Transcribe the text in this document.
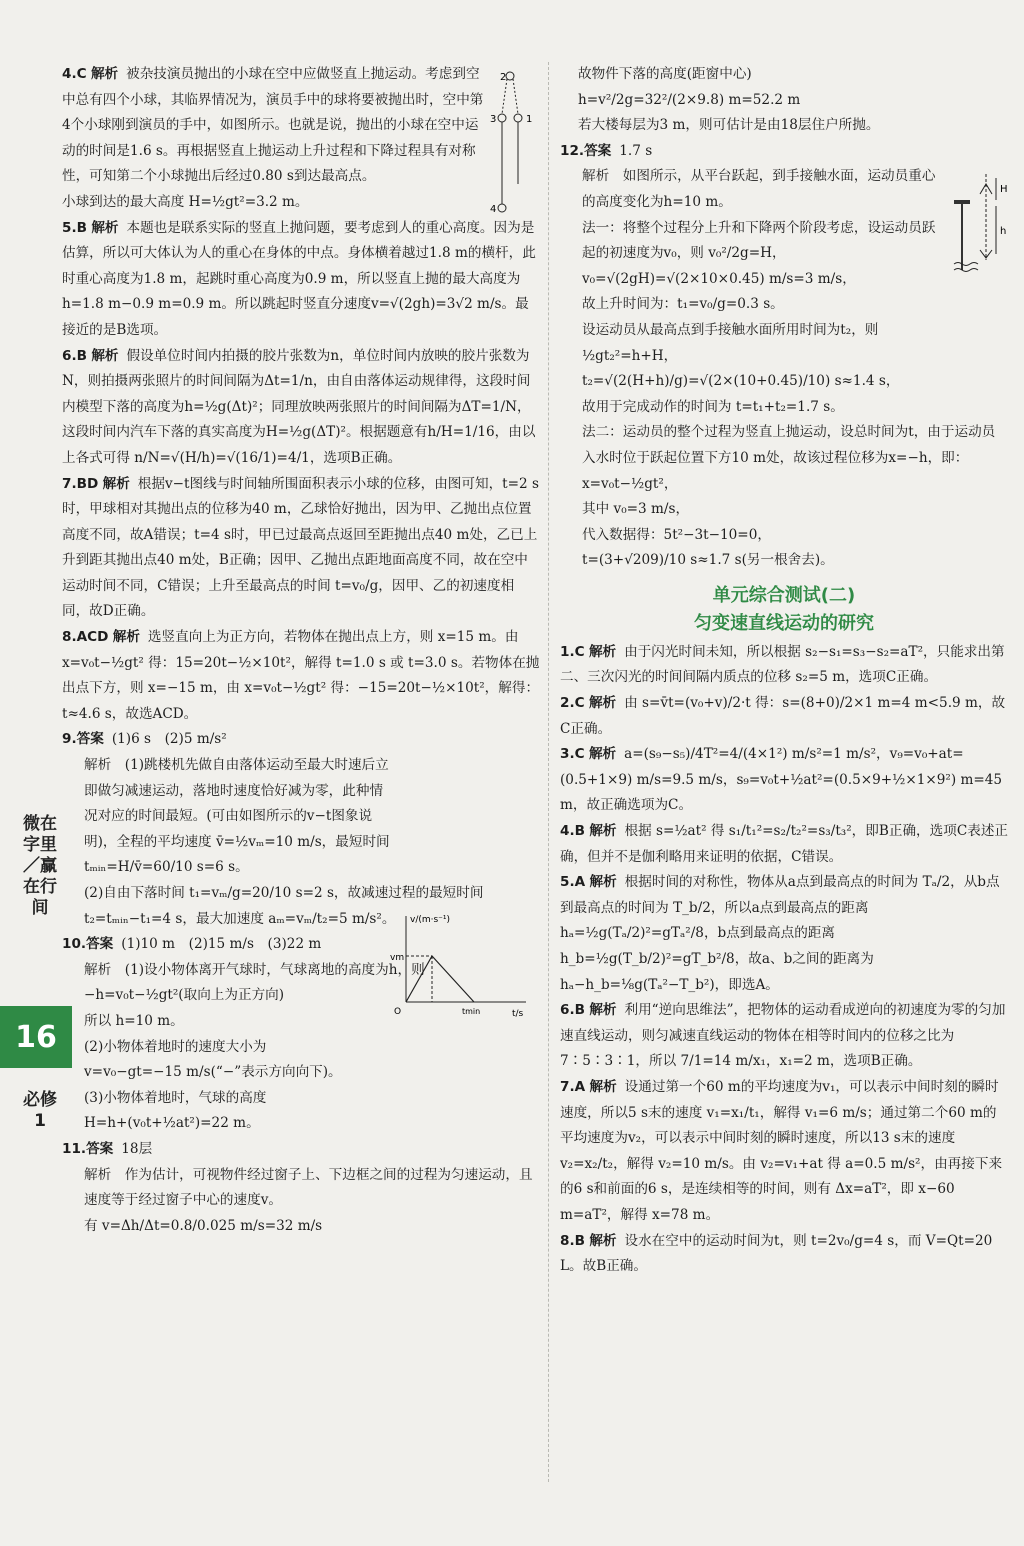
微在字里／赢在行间
16
必修1

4.C 解析 被杂技演员抛出的小球在空中应做竖直上抛运动。考虑到空中总有四个小球，其临界情况为，演员手中的球将要被抛出时，空中第4个小球刚到演员的手中，如图所示。也就是说，抛出的小球在空中运动的时间是1.6 s。再根据竖直上抛运动上升过程和下降过程具有对称性，可知第二个小球抛出后经过0.80 s到达最高点。
小球到达的最大高度 H=½gt²=3.2 m。

5.B 解析 本题也是联系实际的竖直上抛问题，要考虑到人的重心高度。因为是估算，所以可大体认为人的重心在身体的中点。身体横着越过1.8 m的横杆，此时重心高度为1.8 m，起跳时重心高度为0.9 m，所以竖直上抛的最大高度为h=1.8 m−0.9 m=0.9 m。所以跳起时竖直分速度v=√(2gh)=3√2 m/s。最接近的是B选项。

6.B 解析 假设单位时间内拍摄的胶片张数为n，单位时间内放映的胶片张数为N，则拍摄两张照片的时间间隔为Δt=1/n，由自由落体运动规律得，这段时间内模型下落的高度为h=½g(Δt)²；同理放映两张照片的时间间隔为ΔT=1/N，这段时间内汽车下落的真实高度为H=½g(ΔT)²。根据题意有h/H=1/16，由以上各式可得 n/N=√(H/h)=√(16/1)=4/1，选项B正确。

7.BD 解析 根据v−t图线与时间轴所围面积表示小球的位移，由图可知，t=2 s时，甲球相对其抛出点的位移为40 m，乙球恰好抛出，因为甲、乙抛出点位置高度不同，故A错误；t=4 s时，甲已过最高点返回至距抛出点40 m处，乙已上升到距其抛出点40 m处，B正确；因甲、乙抛出点距地面高度不同，故在空中运动时间不同，C错误；上升至最高点的时间 t=v₀/g，因甲、乙的初速度相同，故D正确。

8.ACD 解析 选竖直向上为正方向，若物体在抛出点上方，则 x=15 m。由 x=v₀t−½gt² 得：15=20t−½×10t²，解得 t=1.0 s 或 t=3.0 s。若物体在抛出点下方，则 x=−15 m，由 x=v₀t−½gt² 得：−15=20t−½×10t²，解得：t≈4.6 s，故选ACD。

9.答案 (1)6 s　(2)5 m/s²

解析　(1)跳楼机先做自由落体运动至最大时速后立即做匀减速运动，落地时速度恰好减为零，此种情况对应的时间最短。(可由如图所示的v−t图象说明)，全程的平均速度 v̄=½vₘ=10 m/s，最短时间 tₘᵢₙ=H/v̄=60/10 s=6 s。

(2)自由下落时间 t₁=vₘ/g=20/10 s=2 s，故减速过程的最短时间 t₂=tₘᵢₙ−t₁=4 s，最大加速度 aₘ=vₘ/t₂=5 m/s²。

10.答案 (1)10 m　(2)15 m/s　(3)22 m

解析　(1)设小物体离开气球时，气球离地的高度为h，则

−h=v₀t−½gt²(取向上为正方向)

所以 h=10 m。

(2)小物体着地时的速度大小为

v=v₀−gt=−15 m/s(“−”表示方向向下)。

(3)小物体着地时，气球的高度

H=h+(v₀t+½at²)=22 m。

11.答案 18层

解析　作为估计，可视物件经过窗子上、下边框之间的过程为匀速运动，且速度等于经过窗子中心的速度v。

有 v=Δh/Δt=0.8/0.025 m/s=32 m/s

故物件下落的高度(距窗中心)

h=v²/2g=32²/(2×9.8) m=52.2 m

若大楼每层为3 m，则可估计是由18层住户所抛。

12.答案 1.7 s

解析　如图所示，从平台跃起，到手接触水面，运动员重心的高度变化为h=10 m。

法一：将整个过程分上升和下降两个阶段考虑，设运动员跃起的初速度为v₀，则 v₀²/2g=H，

v₀=√(2gH)=√(2×10×0.45) m/s=3 m/s，

故上升时间为：t₁=v₀/g=0.3 s。

设运动员从最高点到手接触水面所用时间为t₂，则

½gt₂²=h+H，

t₂=√(2(H+h)/g)=√(2×(10+0.45)/10) s≈1.4 s，

故用于完成动作的时间为 t=t₁+t₂=1.7 s。

法二：运动员的整个过程为竖直上抛运动，设总时间为t，由于运动员入水时位于跃起位置下方10 m处，故该过程位移为x=−h，即：x=v₀t−½gt²，

其中 v₀=3 m/s，

代入数据得：5t²−3t−10=0，

t=(3+√209)/10 s≈1.7 s(另一根舍去)。

单元综合测试(二)
匀变速直线运动的研究

1.C 解析 由于闪光时间未知，所以根据 s₂−s₁=s₃−s₂=aT²，只能求出第二、三次闪光的时间间隔内质点的位移 s₂=5 m，选项C正确。

2.C 解析 由 s=v̄t=(v₀+v)/2·t 得：s=(8+0)/2×1 m=4 m<5.9 m，故C正确。

3.C 解析 a=(s₉−s₅)/4T²=4/(4×1²) m/s²=1 m/s²，v₉=v₀+at=(0.5+1×9) m/s=9.5 m/s，s₉=v₀t+½at²=(0.5×9+½×1×9²) m=45 m，故正确选项为C。

4.B 解析 根据 s=½at² 得 s₁/t₁²=s₂/t₂²=s₃/t₃²，即B正确，选项C表述正确，但并不是伽利略用来证明的依据，C错误。

5.A 解析 根据时间的对称性，物体从a点到最高点的时间为 Tₐ/2，从b点到最高点的时间为 T_b/2，所以a点到最高点的距离 hₐ=½g(Tₐ/2)²=gTₐ²/8，b点到最高点的距离 h_b=½g(T_b/2)²=gT_b²/8，故a、b之间的距离为 hₐ−h_b=⅛g(Tₐ²−T_b²)，即选A。

6.B 解析 利用“逆向思维法”，把物体的运动看成逆向的初速度为零的匀加速直线运动，则匀减速直线运动的物体在相等时间内的位移之比为 7∶5∶3∶1，所以 7/1=14 m/x₁，x₁=2 m，选项B正确。

7.A 解析 设通过第一个60 m的平均速度为v₁，可以表示中间时刻的瞬时速度，所以5 s末的速度 v₁=x₁/t₁，解得 v₁=6 m/s；通过第二个60 m的平均速度为v₂，可以表示中间时刻的瞬时速度，所以13 s末的速度 v₂=x₂/t₂，解得 v₂=10 m/s。由 v₂=v₁+at 得 a=0.5 m/s²，由再接下来的6 s和前面的6 s，是连续相等的时间，则有 Δx=aT²，即 x−60 m=aT²，解得 x=78 m。

8.B 解析 设水在空中的运动时间为t，则 t=2v₀/g=4 s，而 V=Qt=20 L。故B正确。

2
3	1
4
v/(m·s⁻¹)
vm
O	tmin	t/s
H
h
